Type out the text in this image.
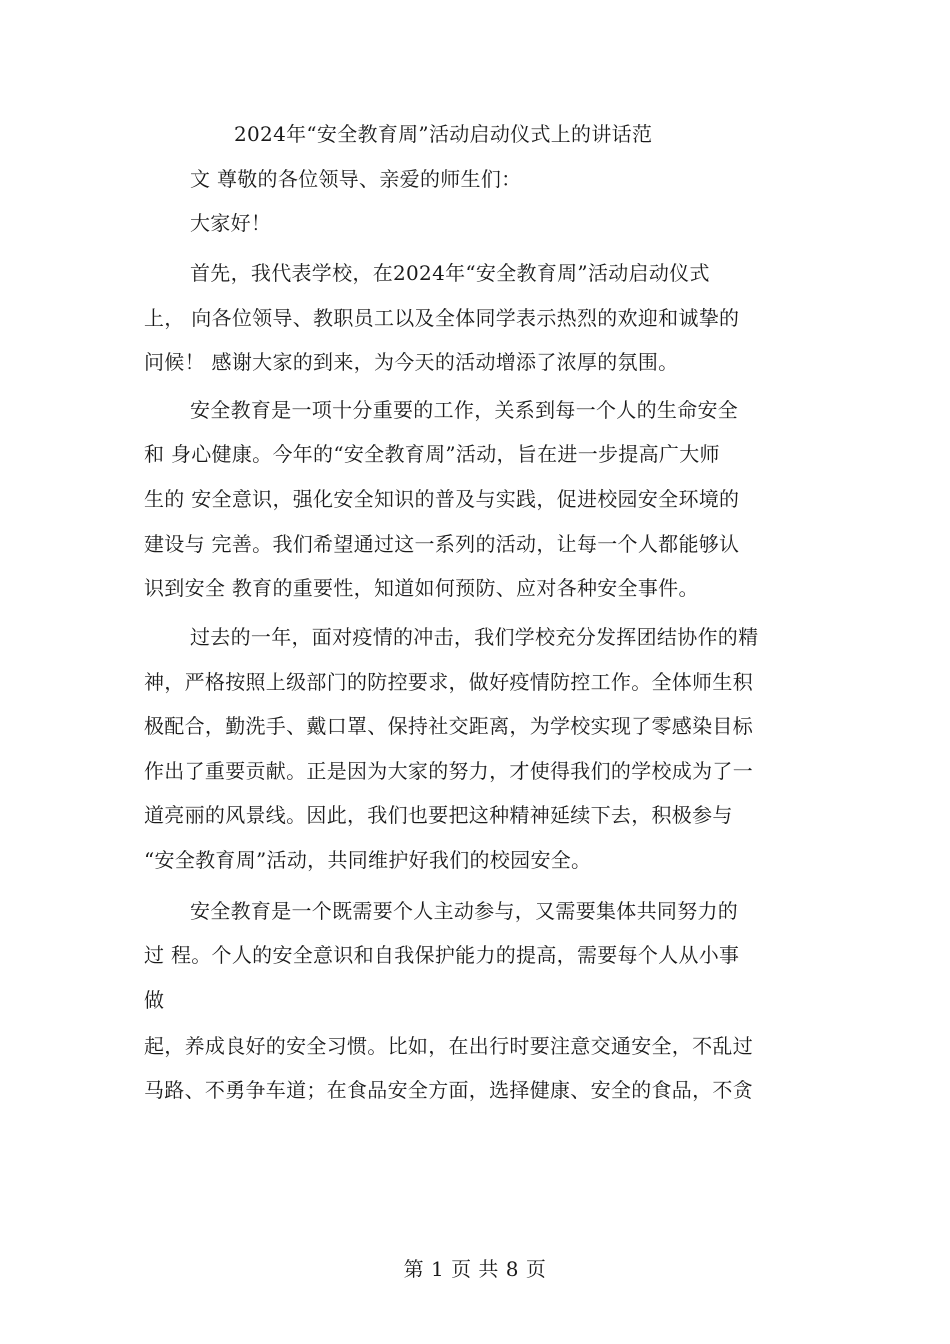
2024年“安全教育周”活动启动仪式上的讲话范
文 尊敬的各位领导、亲爱的师生们：
大家好！
首先，我代表学校，在2024年“安全教育周”活动启动仪式
上， 向各位领导、教职员工以及全体同学表示热烈的欢迎和诚挚的
问候！ 感谢大家的到来，为今天的活动增添了浓厚的氛围。
安全教育是一项十分重要的工作，关系到每一个人的生命安全
和 身心健康。今年的“安全教育周”活动，旨在进一步提高广大师
生的 安全意识，强化安全知识的普及与实践，促进校园安全环境的
建设与 完善。我们希望通过这一系列的活动，让每一个人都能够认
识到安全 教育的重要性，知道如何预防、应对各种安全事件。
过去的一年，面对疫情的冲击，我们学校充分发挥团结协作的精
神，严格按照上级部门的防控要求，做好疫情防控工作。全体师生积
极配合，勤洗手、戴口罩、保持社交距离，为学校实现了零感染目标
作出了重要贡献。正是因为大家的努力，才使得我们的学校成为了一
道亮丽的风景线。因此，我们也要把这种精神延续下去，积极参与
“安全教育周”活动，共同维护好我们的校园安全。
安全教育是一个既需要个人主动参与，又需要集体共同努力的
过 程。个人的安全意识和自我保护能力的提高，需要每个人从小事
做
起，养成良好的安全习惯。比如，在出行时要注意交通安全，不乱过
马路、不勇争车道；在食品安全方面，选择健康、安全的食品，不贪
第 1 页 共 8 页
